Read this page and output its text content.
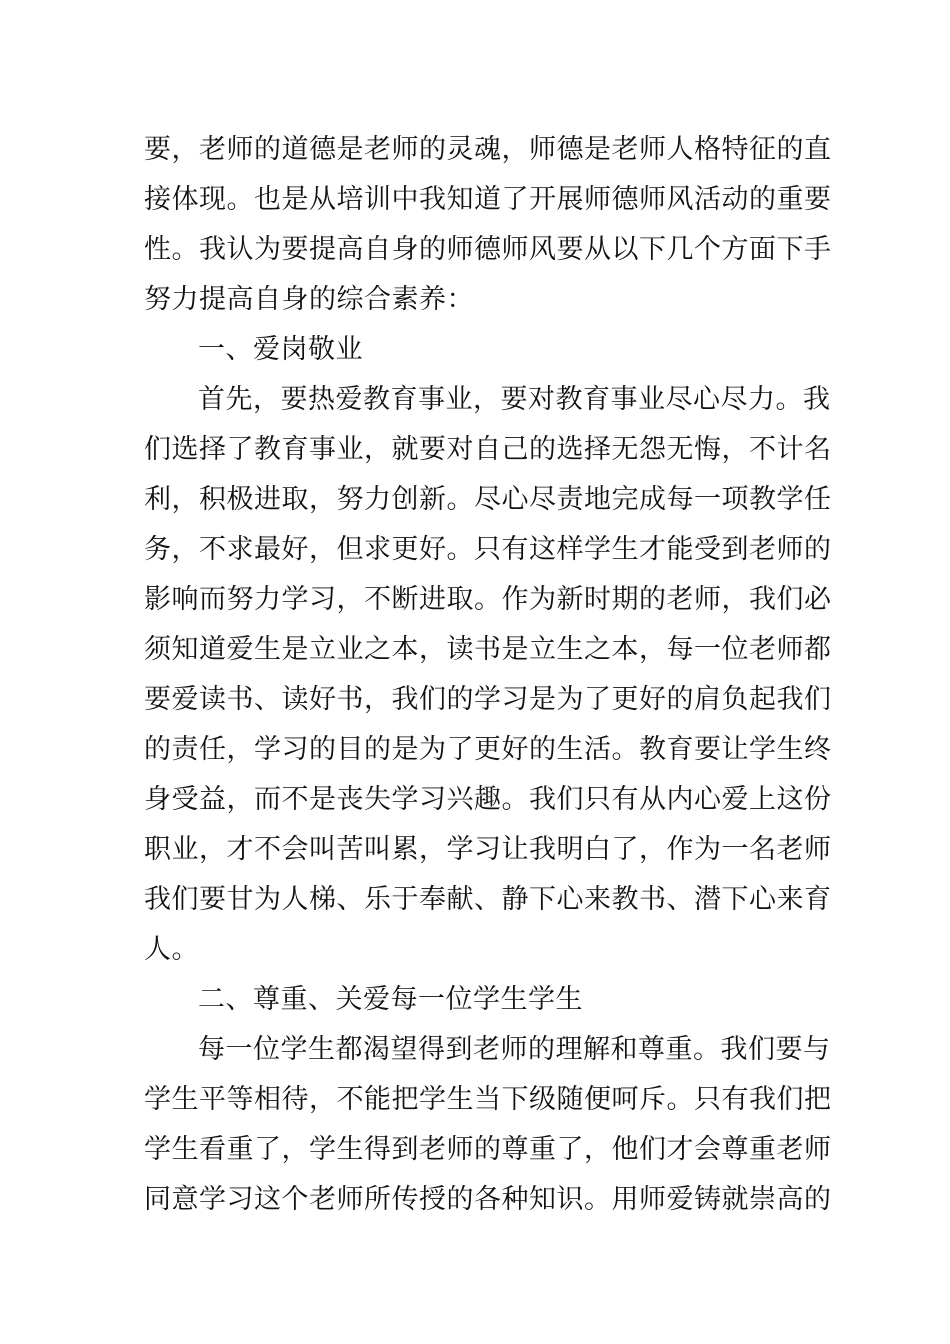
要，老师的道德是老师的灵魂，师德是老师人格特征的直
接体现。也是从培训中我知道了开展师德师风活动的重要
性。我认为要提高自身的师德师风要从以下几个方面下手
努力提高自身的综合素养：
一、爱岗敬业
首先，要热爱教育事业，要对教育事业尽心尽力。我
们选择了教育事业，就要对自己的选择无怨无悔，不计名
利，积极进取，努力创新。尽心尽责地完成每一项教学任
务，不求最好，但求更好。只有这样学生才能受到老师的
影响而努力学习，不断进取。作为新时期的老师，我们必
须知道爱生是立业之本，读书是立生之本，每一位老师都
要爱读书、读好书，我们的学习是为了更好的肩负起我们
的责任，学习的目的是为了更好的生活。教育要让学生终
身受益，而不是丧失学习兴趣。我们只有从内心爱上这份
职业，才不会叫苦叫累，学习让我明白了，作为一名老师
我们要甘为人梯、乐于奉献、静下心来教书、潜下心来育
人。
二、尊重、关爱每一位学生学生
每一位学生都渴望得到老师的理解和尊重。我们要与
学生平等相待，不能把学生当下级随便呵斥。只有我们把
学生看重了，学生得到老师的尊重了，他们才会尊重老师
同意学习这个老师所传授的各种知识。用师爱铸就崇高的
